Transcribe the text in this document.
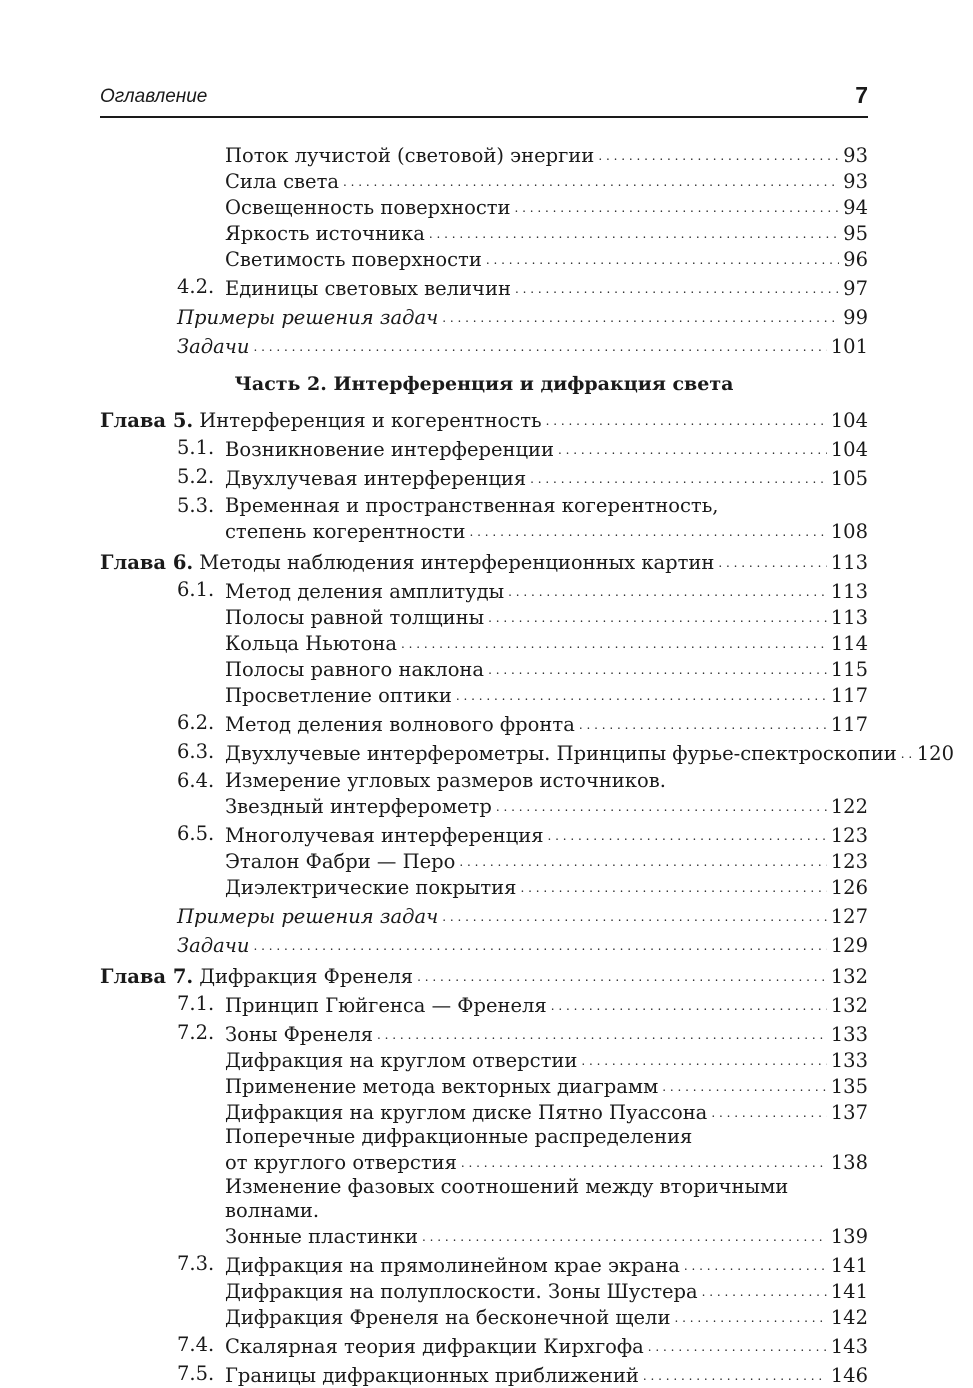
Оглавление	7
Поток лучистой (световой) энергии . . .	93
Сила света . . .	93
Освещенность поверхности . . .	94
Яркость источника . . .	95
Светимость поверхности . . .	96
4.2. Единицы световых величин . . .	97
Примеры решения задач . . .	99
Задачи . . .	101
Часть 2. Интерференция и дифракция света
Глава 5. Интерференция и когерентность . . .	104
5.1. Возникновение интерференции . . .	104
5.2. Двухлучевая интерференция . . .	105
5.3. Временная и пространственная когерентность,
степень когерентности . . .	108
Глава 6. Методы наблюдения интерференционных картин . . .	113
6.1. Метод деления амплитуды . . .	113
Полосы равной толщины . . .	113
Кольца Ньютона . . .	114
Полосы равного наклона . . .	115
Просветление оптики . . .	117
6.2. Метод деления волнового фронта . . .	117
6.3. Двухлучевые интерферометры. Принципы фурье-спектроскопии . . . 120
6.4. Измерение угловых размеров источников.
Звездный интерферометр . . .	122
6.5. Многолучевая интерференция . . .	123
Эталон Фабри — Перо . . .	123
Диэлектрические покрытия . . .	126
Примеры решения задач . . .	127
Задачи . . .	129
Глава 7. Дифракция Френеля . . .	132
7.1. Принцип Гюйгенса — Френеля . . .	132
7.2. Зоны Френеля . . .	133
Дифракция на круглом отверстии . . .	133
Применение метода векторных диаграмм . . .	135
Дифракция на круглом диске Пятно Пуассона . . .	137
Поперечные дифракционные распределения
от круглого отверстия . . .	138
Изменение фазовых соотношений между вторичными волнами.
Зонные пластинки . . .	139
7.3. Дифракция на прямолинейном крае экрана . . .	141
Дифракция на полуплоскости. Зоны Шустера . . .	141
Дифракция Френеля на бесконечной щели . . .	142
7.4. Скалярная теория дифракции Кирхгофа . . .	143
7.5. Границы дифракционных приближений . . .	146
